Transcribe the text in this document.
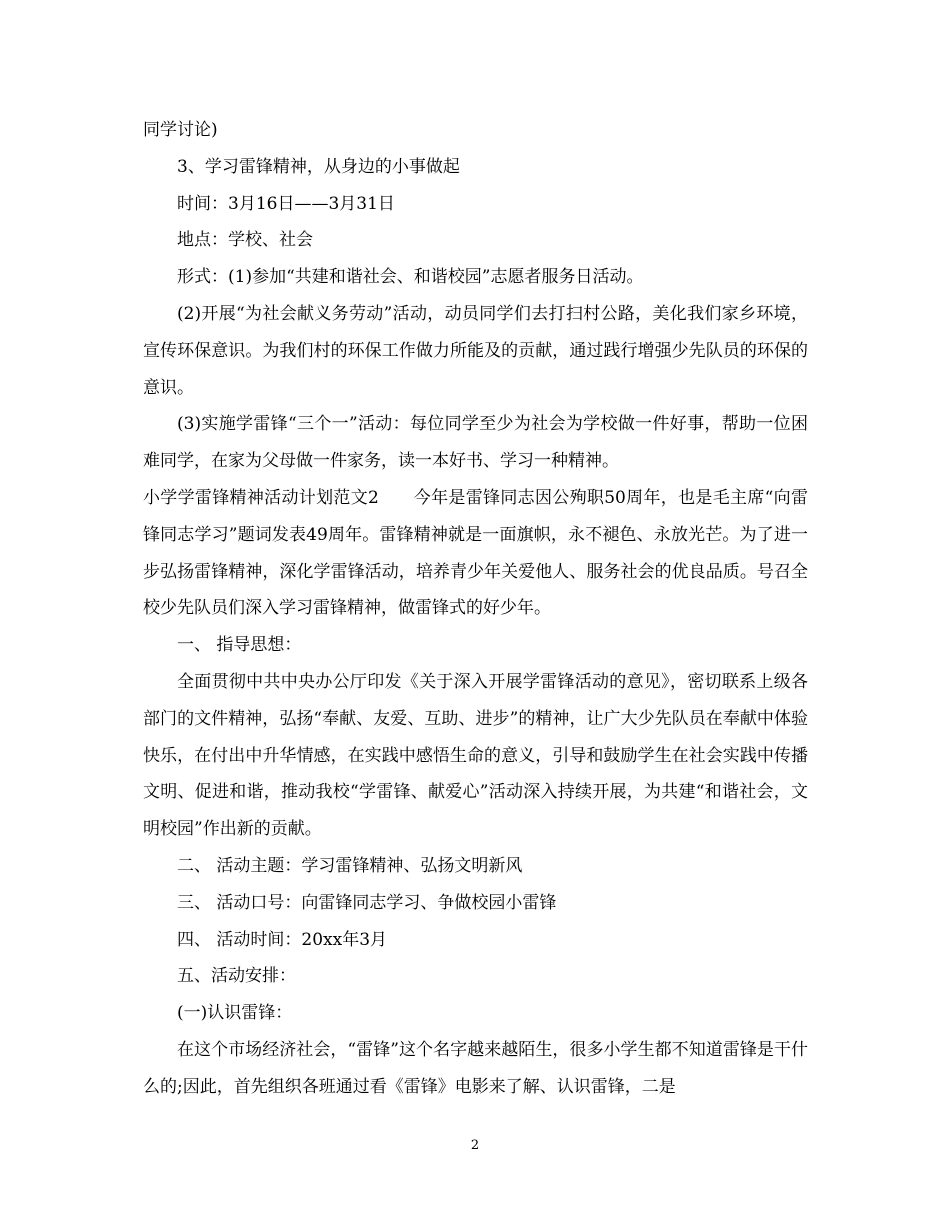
同学讨论)

3、学习雷锋精神，从身边的小事做起

时间：3月16日——3月31日

地点：学校、社会

形式：(1)参加“共建和谐社会、和谐校园”志愿者服务日活动。

(2)开展“为社会献义务劳动”活动，动员同学们去打扫村公路，美化我们家乡环境，宣传环保意识。为我们村的环保工作做力所能及的贡献，通过践行增强少先队员的环保的意识。

(3)实施学雷锋“三个一”活动：每位同学至少为社会为学校做一件好事，帮助一位困难同学，在家为父母做一件家务，读一本好书、学习一种精神。

小学学雷锋精神活动计划范文2　　今年是雷锋同志因公殉职50周年，也是毛主席“向雷锋同志学习”题词发表49周年。雷锋精神就是一面旗帜，永不褪色、永放光芒。为了进一步弘扬雷锋精神，深化学雷锋活动，培养青少年关爱他人、服务社会的优良品质。号召全校少先队员们深入学习雷锋精神，做雷锋式的好少年。

一、 指导思想：

全面贯彻中共中央办公厅印发《关于深入开展学雷锋活动的意见》，密切联系上级各部门的文件精神，弘扬“奉献、友爱、互助、进步”的精神，让广大少先队员在奉献中体验快乐，在付出中升华情感，在实践中感悟生命的意义，引导和鼓励学生在社会实践中传播文明、促进和谐，推动我校“学雷锋、献爱心”活动深入持续开展，为共建“和谐社会，文明校园”作出新的贡献。

二、 活动主题：学习雷锋精神、弘扬文明新风

三、 活动口号：向雷锋同志学习、争做校园小雷锋

四、 活动时间：20xx年3月

五、活动安排：

(一)认识雷锋：

在这个市场经济社会，“雷锋”这个名字越来越陌生，很多小学生都不知道雷锋是干什么的;因此，首先组织各班通过看《雷锋》电影来了解、认识雷锋，二是

2
